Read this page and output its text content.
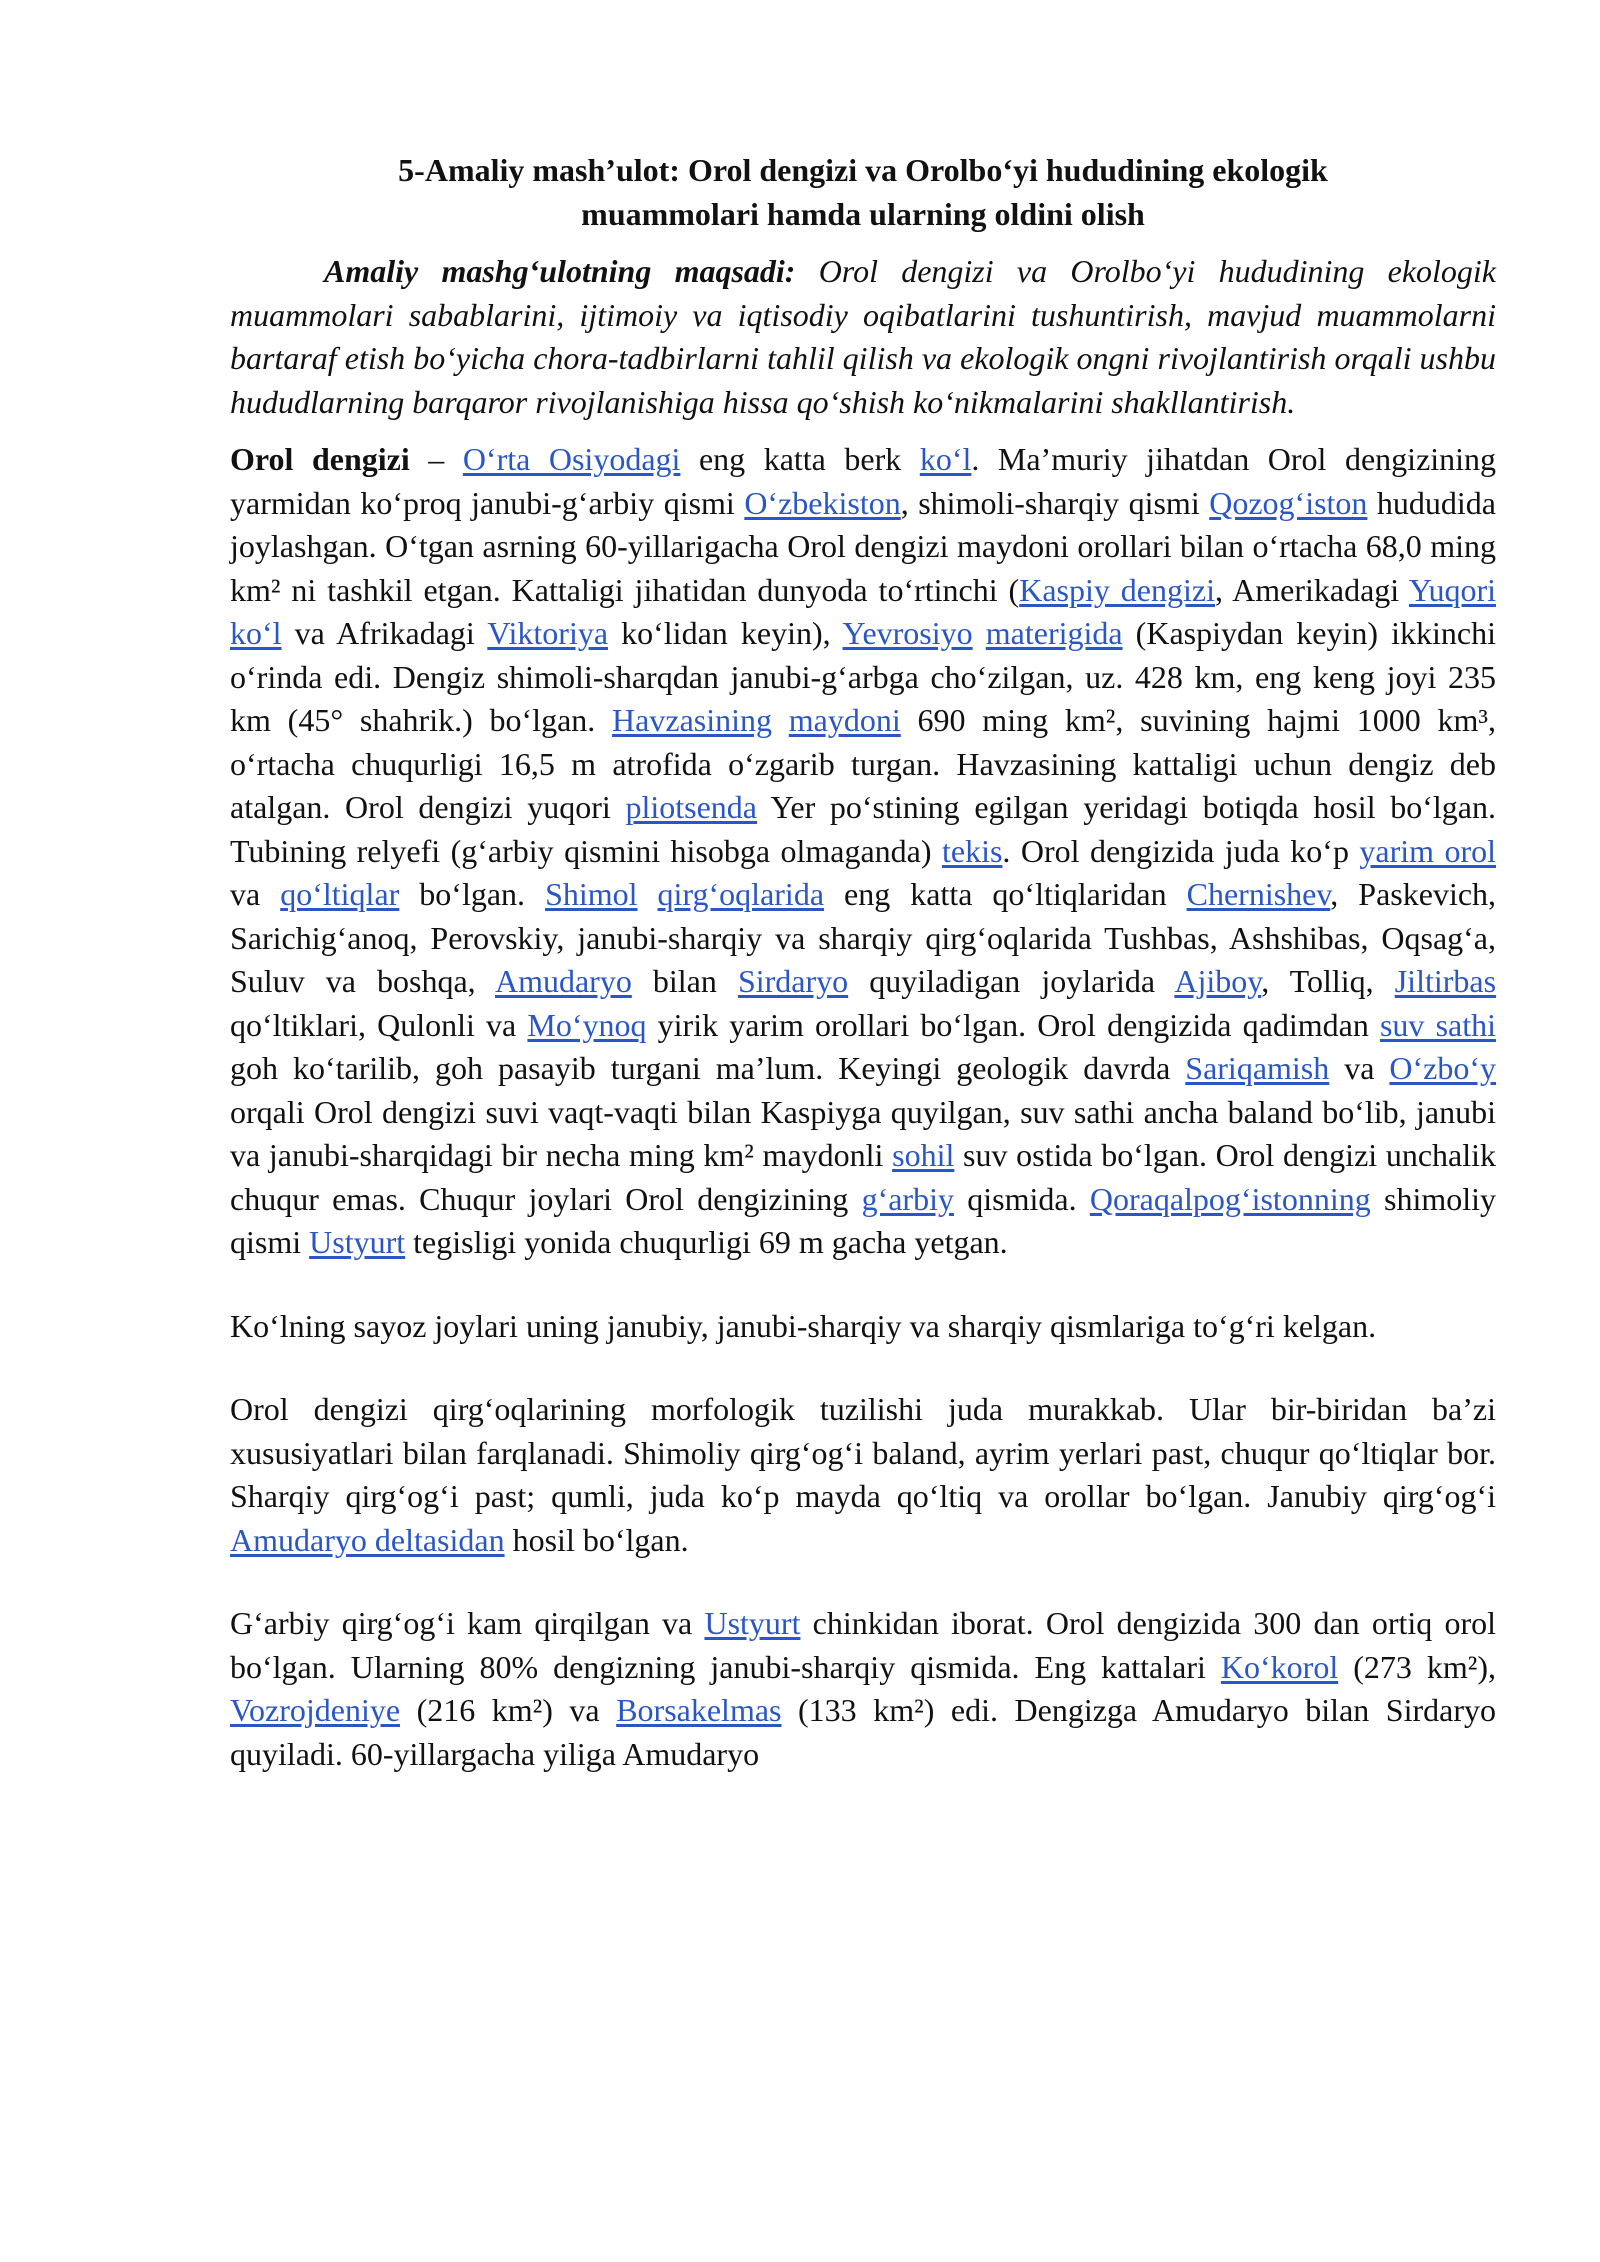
5-Amaliy mash’ulot: Orol dengizi va Orolbo‘yi hududining ekologik
muammolari hamda ularning oldini olish

Amaliy mashg‘ulotning maqsadi: Orol dengizi va Orolbo‘yi hududining ekologik muammolari sabablarini, ijtimoiy va iqtisodiy oqibatlarini tushuntirish, mavjud muammolarni bartaraf etish bo‘yicha chora-tadbirlarni tahlil qilish va ekologik ongni rivojlantirish orqali ushbu hududlarning barqaror rivojlanishiga hissa qo‘shish ko‘nikmalarini shakllantirish.

Orol dengizi – O‘rta Osiyodagi eng katta berk ko‘l. Ma’muriy jihatdan Orol dengizining yarmidan ko‘proq janubi-g‘arbiy qismi O‘zbekiston, shimoli-sharqiy qismi Qozog‘iston hududida joylashgan. O‘tgan asrning 60-yillarigacha Orol dengizi maydoni orollari bilan o‘rtacha 68,0 ming km² ni tashkil etgan. Kattaligi jihatidan dunyoda to‘rtinchi (Kaspiy dengizi, Amerikadagi Yuqori ko‘l va Afrikadagi Viktoriya ko‘lidan keyin), Yevrosiyo materigida (Kaspiydan keyin) ikkinchi o‘rinda edi. Dengiz shimoli-sharqdan janubi-g‘arbga cho‘zilgan, uz. 428 km, eng keng joyi 235 km (45° shahrik.) bo‘lgan. Havzasining maydoni 690 ming km², suvining hajmi 1000 km³, o‘rtacha chuqurligi 16,5 m atrofida o‘zgarib turgan. Havzasining kattaligi uchun dengiz deb atalgan. Orol dengizi yuqori pliotsenda Yer po‘stining egilgan yeridagi botiqda hosil bo‘lgan. Tubining relyefi (g‘arbiy qismini hisobga olmaganda) tekis. Orol dengizida juda ko‘p yarim orol va qo‘ltiqlar bo‘lgan. Shimol qirg‘oqlarida eng katta qo‘ltiqlaridan Chernishev, Paskevich, Sarichig‘anoq, Perovskiy, janubi-sharqiy va sharqiy qirg‘oqlarida Tushbas, Ashshibas, Oqsag‘a, Suluv va boshqa, Amudaryo bilan Sirdaryo quyiladigan joylarida Ajiboy, Tolliq, Jiltirbas qo‘ltiklari, Qulonli va Mo‘ynoq yirik yarim orollari bo‘lgan. Orol dengizida qadimdan suv sathi goh ko‘tarilib, goh pasayib turgani ma’lum. Keyingi geologik davrda Sariqamish va O‘zbo‘y orqali Orol dengizi suvi vaqt-vaqti bilan Kaspiyga quyilgan, suv sathi ancha baland bo‘lib, janubi va janubi-sharqidagi bir necha ming km² maydonli sohil suv ostida bo‘lgan. Orol dengizi unchalik chuqur emas. Chuqur joylari Orol dengizining g‘arbiy qismida. Qoraqalpog‘istonning shimoliy qismi Ustyurt tegisligi yonida chuqurligi 69 m gacha yetgan.

Ko‘lning sayoz joylari uning janubiy, janubi-sharqiy va sharqiy qismlariga to‘g‘ri kelgan.

Orol dengizi qirg‘oqlarining morfologik tuzilishi juda murakkab. Ular bir-biridan ba’zi xususiyatlari bilan farqlanadi. Shimoliy qirg‘og‘i baland, ayrim yerlari past, chuqur qo‘ltiqlar bor. Sharqiy qirg‘og‘i past; qumli, juda ko‘p mayda qo‘ltiq va orollar bo‘lgan. Janubiy qirg‘og‘i Amudaryo deltasidan hosil bo‘lgan.

G‘arbiy qirg‘og‘i kam qirqilgan va Ustyurt chinkidan iborat. Orol dengizida 300 dan ortiq orol bo‘lgan. Ularning 80% dengizning janubi-sharqiy qismida. Eng kattalari Ko‘korol (273 km²), Vozrojdeniye (216 km²) va Borsakelmas (133 km²) edi. Dengizga Amudaryo bilan Sirdaryo quyiladi. 60-yillargacha yiliga Amudaryo
